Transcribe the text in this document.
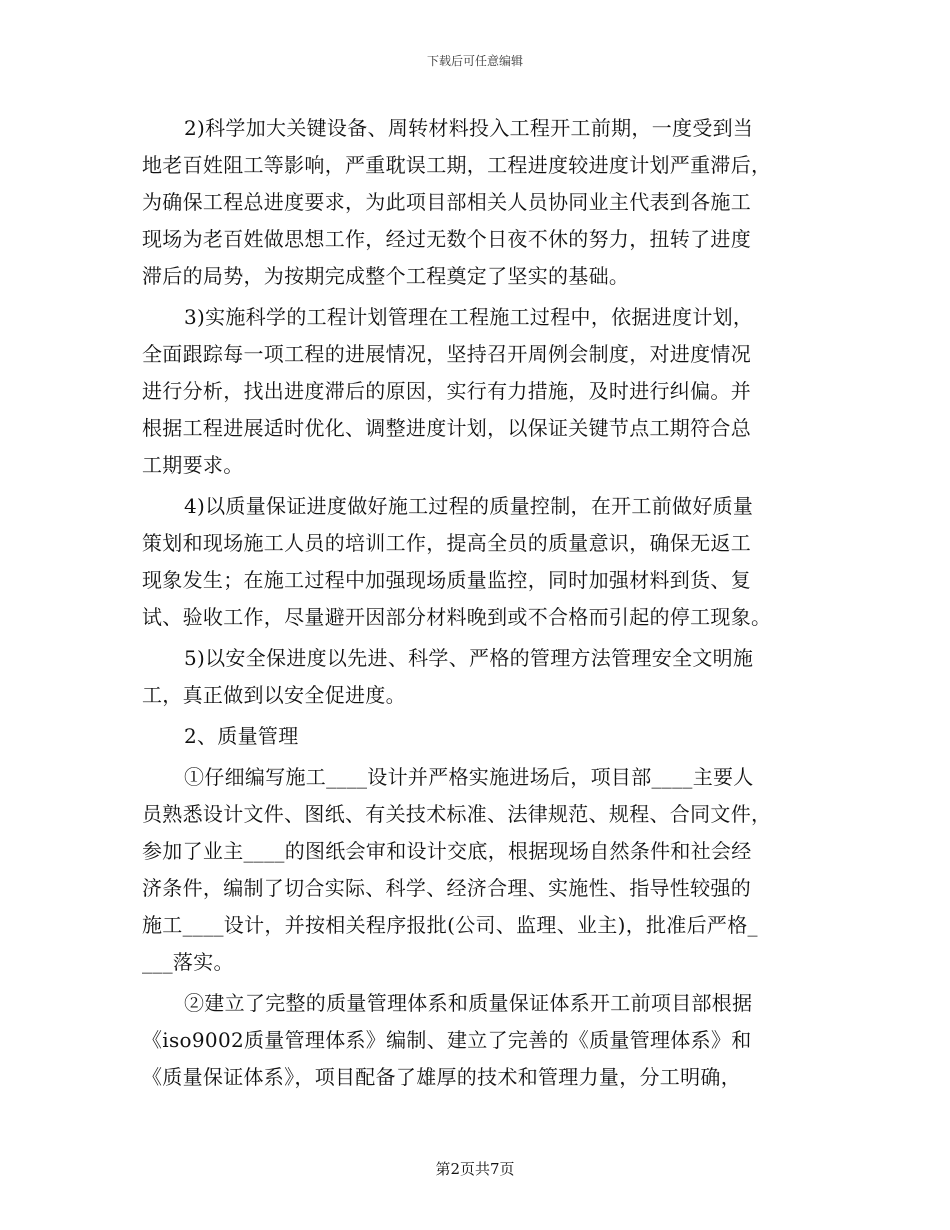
下载后可任意编辑
2)科学加大关键设备、周转材料投入工程开工前期，一度受到当
地老百姓阻工等影响，严重耽误工期，工程进度较进度计划严重滞后，
为确保工程总进度要求，为此项目部相关人员协同业主代表到各施工
现场为老百姓做思想工作，经过无数个日夜不休的努力，扭转了进度
滞后的局势，为按期完成整个工程奠定了坚实的基础。
3)实施科学的工程计划管理在工程施工过程中，依据进度计划，
全面跟踪每一项工程的进展情况，坚持召开周例会制度，对进度情况
进行分析，找出进度滞后的原因，实行有力措施，及时进行纠偏。并
根据工程进展适时优化、调整进度计划，以保证关键节点工期符合总
工期要求。
4)以质量保证进度做好施工过程的质量控制，在开工前做好质量
策划和现场施工人员的培训工作，提高全员的质量意识，确保无返工
现象发生；在施工过程中加强现场质量监控，同时加强材料到货、复
试、验收工作，尽量避开因部分材料晚到或不合格而引起的停工现象。
5)以安全保进度以先进、科学、严格的管理方法管理安全文明施
工，真正做到以安全促进度。
2、质量管理
①仔细编写施工____设计并严格实施进场后，项目部____主要人
员熟悉设计文件、图纸、有关技术标准、法律规范、规程、合同文件，
参加了业主____的图纸会审和设计交底，根据现场自然条件和社会经
济条件，编制了切合实际、科学、经济合理、实施性、指导性较强的
施工____设计，并按相关程序报批(公司、监理、业主)，批准后严格_
___落实。
②建立了完整的质量管理体系和质量保证体系开工前项目部根据
《iso9002质量管理体系》编制、建立了完善的《质量管理体系》和
《质量保证体系》，项目配备了雄厚的技术和管理力量，分工明确，
第2页共7页
